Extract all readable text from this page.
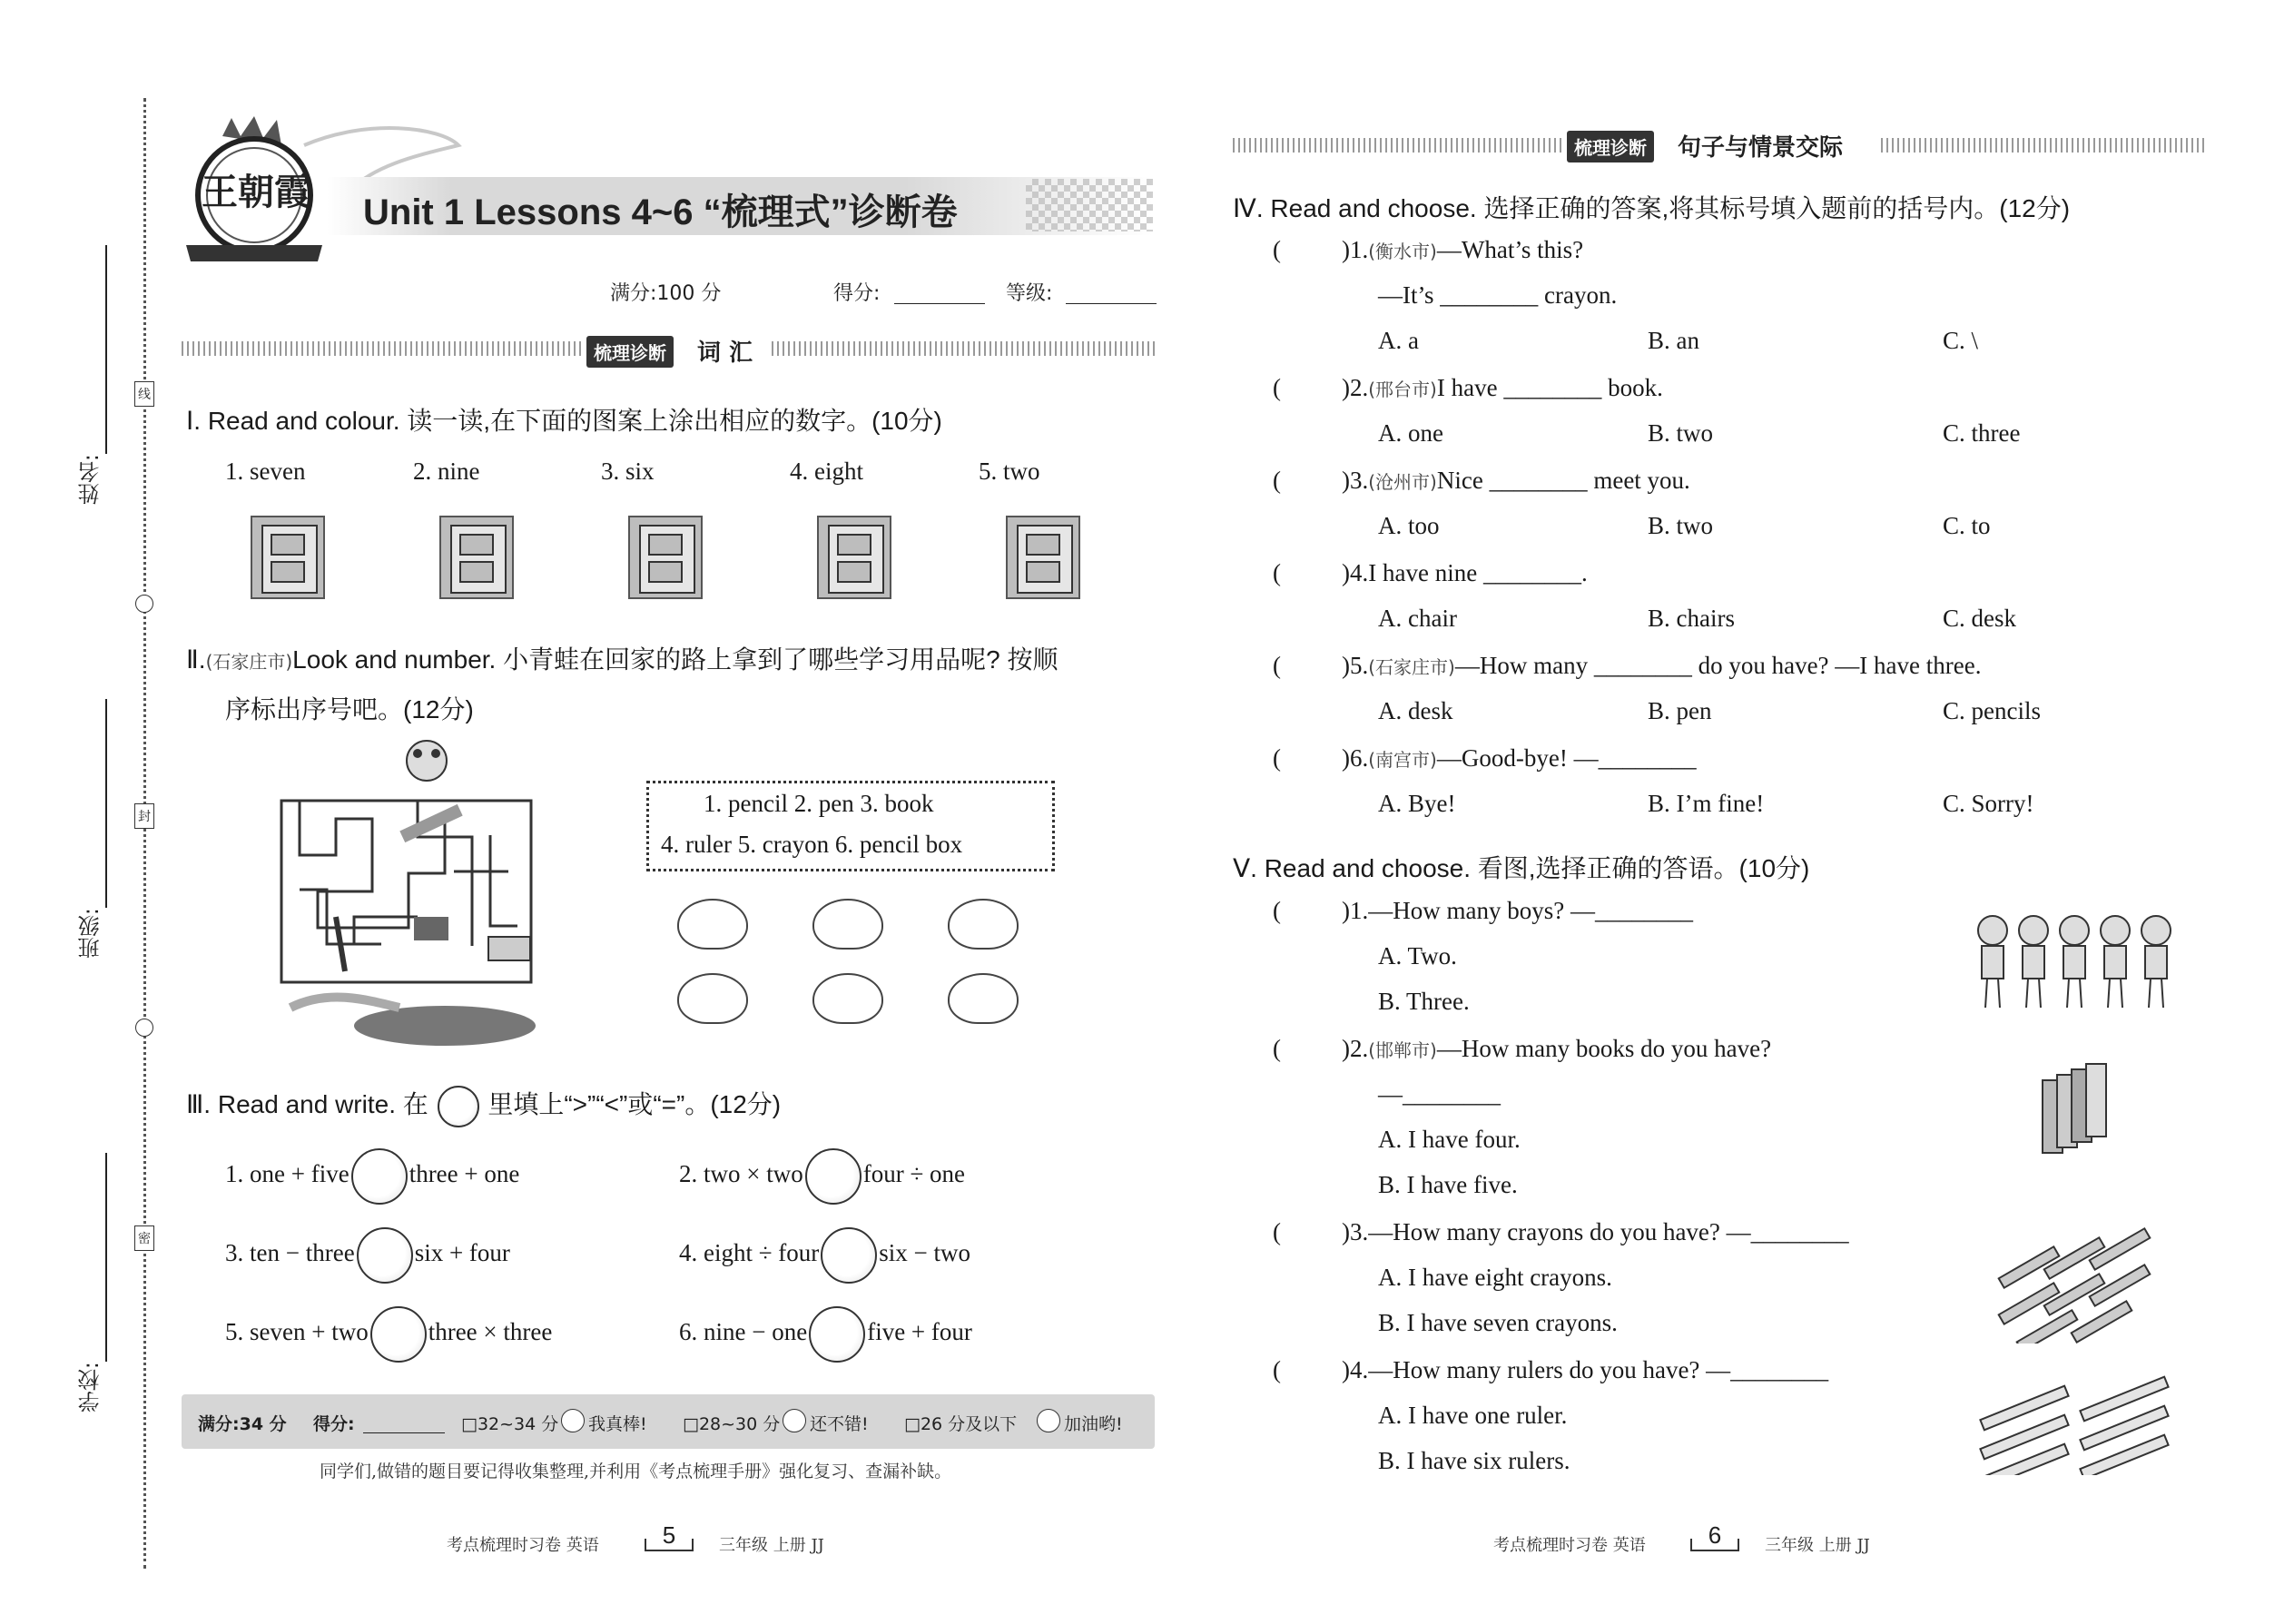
姓名:
班级:
学校:
线
封
密
王朝霞 Unit 1 Lessons 4~6 “梳理式”诊断卷
满分:100 分	得分:	等级:
梳理诊断	词 汇
Ⅰ. Read and colour. 读一读,在下面的图案上涂出相应的数字。(10分)
1. seven	2. nine	3. six	4. eight	5. two
Ⅱ.(石家庄市)Look and number. 小青蛙在回家的路上拿到了哪些学习用品呢? 按顺
序标出序号吧。(12分)
1. pencil 2. pen 3. book
4. ruler 5. crayon 6. pencil box
Ⅲ. Read and write. 在 里填上“>”“<”或“=”。(12分)
1. one + five three + one	2. two × two four ÷ one
3. ten − three six + four	4. eight ÷ four six − two
5. seven + two three × three	6. nine − one five + four
满分:34 分 得分:	□32~34 分 我真棒! □28~30 分 还不错! □26 分及以下	加油哟!
同学们,做错的题目要记得收集整理,并利用《考点梳理手册》强化复习、查漏补缺。
考点梳理时习卷 英语	5	三年级 上册 JJ
梳理诊断	句子与情景交际
Ⅳ. Read and choose. 选择正确的答案,将其标号填入题前的括号内。(12分)
( )1.(衡水市)—What’s this?
—It’s ________ crayon.
A. a	B. an	C. \
( )2.(邢台市)I have ________ book.
A. one	B. two	C. three
( )3.(沧州市)Nice ________ meet you.
A. too	B. two	C. to
( )4.I have nine ________.
A. chair	B. chairs	C. desk
( )5.(石家庄市)—How many ________ do you have? —I have three.
A. desk	B. pen	C. pencils
( )6.(南宫市)—Good-bye! —________
A. Bye!	B. I’m fine!	C. Sorry!
Ⅴ. Read and choose. 看图,选择正确的答语。(10分)
( )1.—How many boys? —________
A. Two.
B. Three.
( )2.(邯郸市)—How many books do you have?
—________
A. I have four.
B. I have five.
( )3.—How many crayons do you have? —________
A. I have eight crayons.
B. I have seven crayons.
( )4.—How many rulers do you have? —________
A. I have one ruler.
B. I have six rulers.
考点梳理时习卷 英语	6	三年级 上册 JJ
